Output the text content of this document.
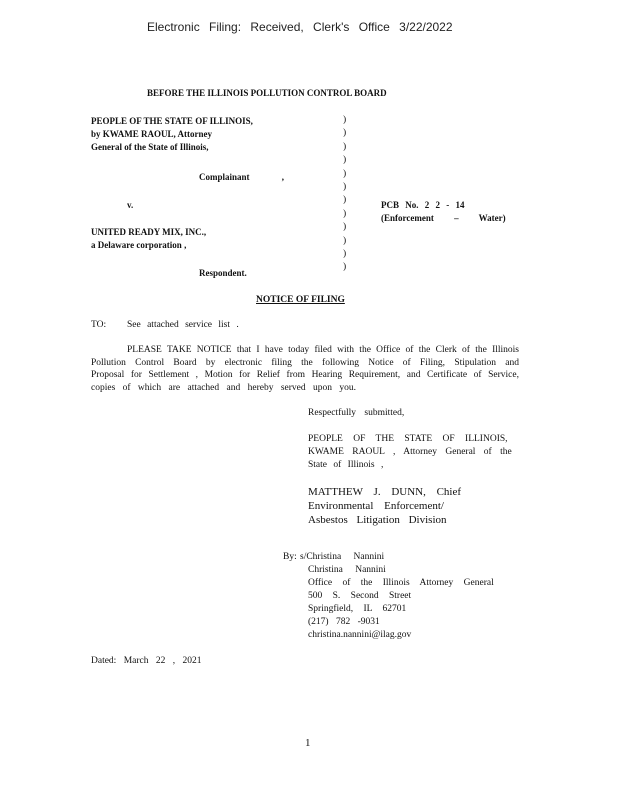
Electronic Filing: Received, Clerk's Office 3/22/2022
BEFORE THE ILLINOIS POLLUTION CONTROL BOARD
PEOPLE OF THE STATE OF ILLINOIS,
by KWAME RAOUL, Attorney
General of the State of Illinois,
Complainant ,
v.
UNITED READY MIX, INC.,
a Delaware corporation ,
Respondent.
)
)
)
)
)
)
)
)
)
)
)
)
PCB No. 2 2 - 14
(Enforcement – Water)
NOTICE OF FILING
TO: See attached service list .
PLEASE TAKE NOTICE that I have today filed with the Office of the Clerk of the Illinois
Pollution Control Board by electronic filing the following Notice of Filing, Stipulation and
Proposal for Settlement , Motion for Relief from Hearing Requirement, and Certificate of Service,
copies of which are attached and hereby served upon you.
Respectfully submitted,
PEOPLE OF THE STATE OF ILLINOIS,
KWAME RAOUL , Attorney General of the
State of Illinois ,
MATTHEW J. DUNN, Chief
Environmental Enforcement/
Asbestos Litigation Division
By: s/Christina Nannini
Christina Nannini
Office of the Illinois Attorney General
500 S. Second Street
Springfield, IL 62701
(217) 782 -9031
christina.nannini@ilag.gov
Dated: March 22 , 2021
1
